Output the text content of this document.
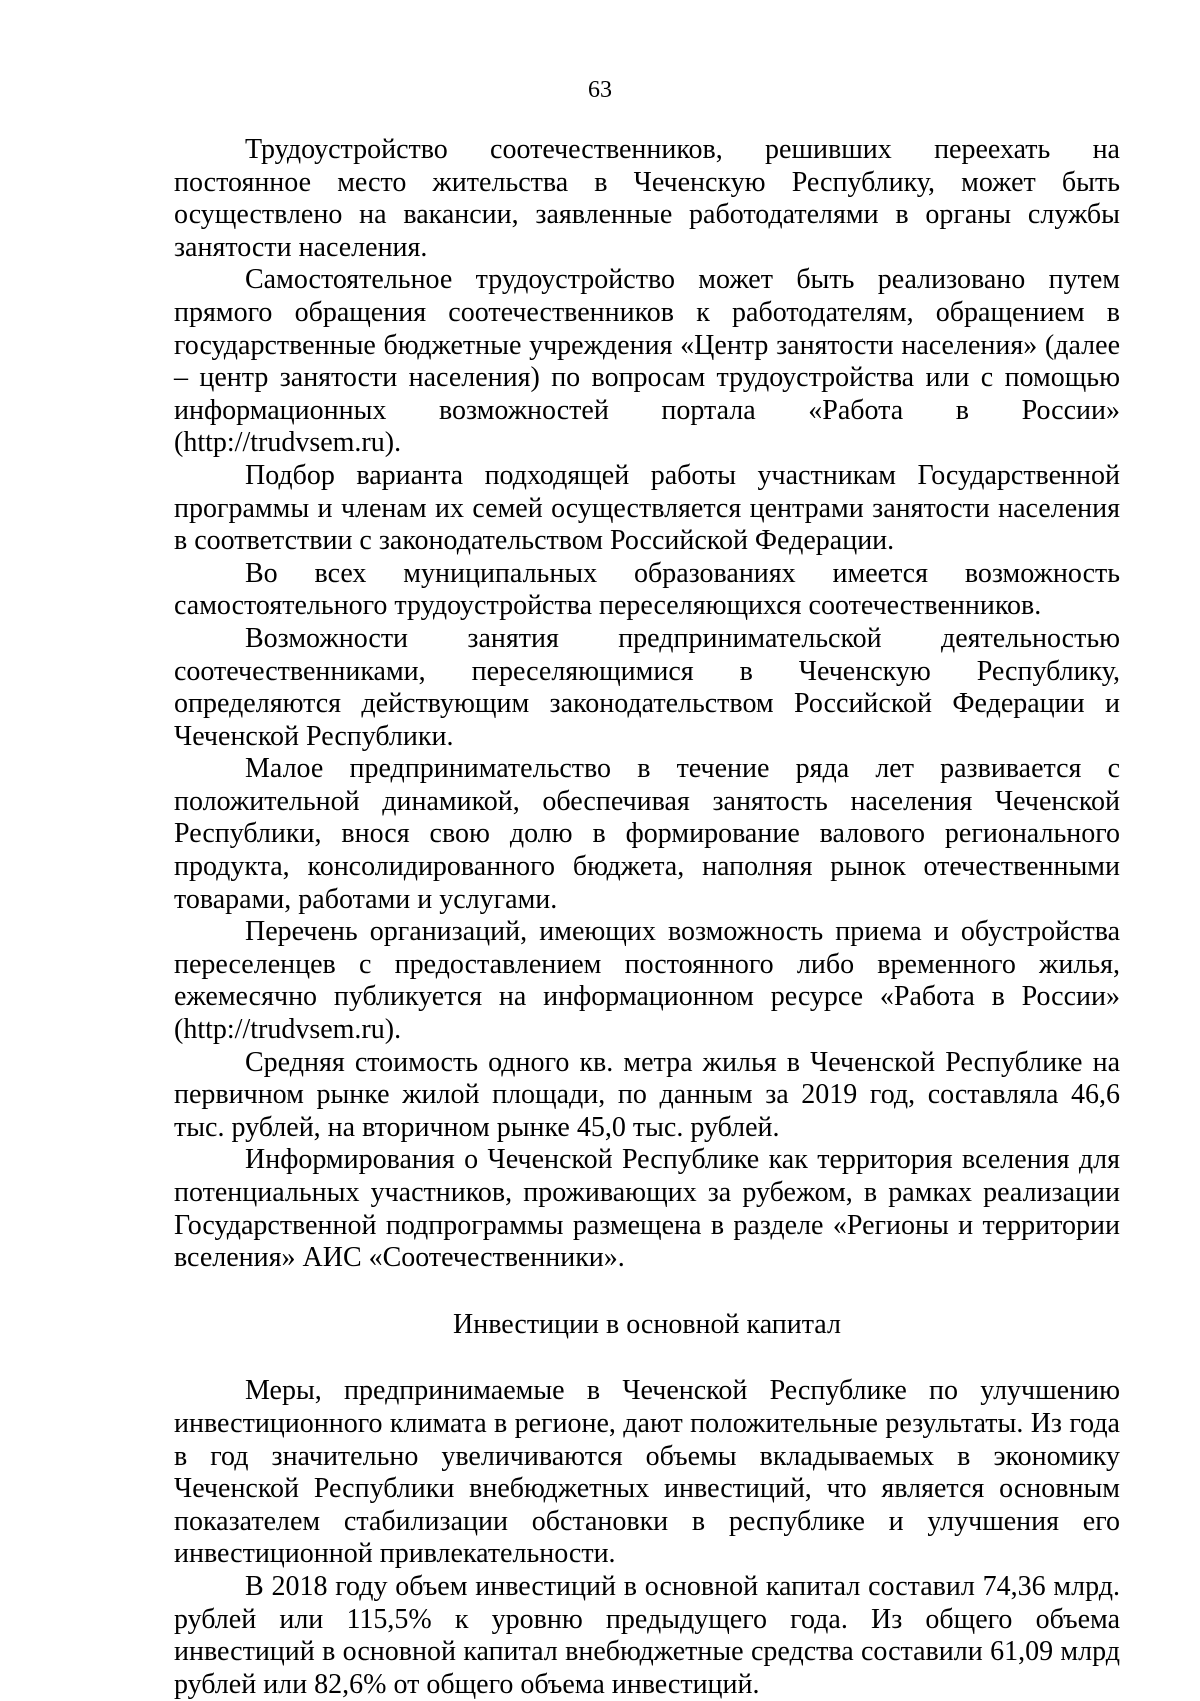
63

Трудоустройство соотечественников, решивших переехать на постоянное место жительства в Чеченскую Республику, может быть осуществлено на вакансии, заявленные работодателями в органы службы занятости населения.

Самостоятельное трудоустройство может быть реализовано путем прямого обращения соотечественников к работодателям, обращением в государственные бюджетные учреждения «Центр занятости населения» (далее – центр занятости населения) по вопросам трудоустройства или с помощью информационных возможностей портала «Работа в России» (http://trudvsem.ru).

Подбор варианта подходящей работы участникам Государственной программы и членам их семей осуществляется центрами занятости населения в соответствии с законодательством Российской Федерации.

Во всех муниципальных образованиях имеется возможность самостоятельного трудоустройства переселяющихся соотечественников.

Возможности занятия предпринимательской деятельностью соотечественниками, переселяющимися в Чеченскую Республику, определяются действующим законодательством Российской Федерации и Чеченской Республики.

Малое предпринимательство в течение ряда лет развивается с положительной динамикой, обеспечивая занятость населения Чеченской Республики, внося свою долю в формирование валового регионального продукта, консолидированного бюджета, наполняя рынок отечественными товарами, работами и услугами.

Перечень организаций, имеющих возможность приема и обустройства переселенцев с предоставлением постоянного либо временного жилья, ежемесячно публикуется на информационном ресурсе «Работа в России» (http://trudvsem.ru).

Средняя стоимость одного кв. метра жилья в Чеченской Республике на первичном рынке жилой площади, по данным за 2019 год, составляла 46,6 тыс. рублей, на вторичном рынке 45,0 тыс. рублей.

Информирования о Чеченской Республике как территория вселения для потенциальных участников, проживающих за рубежом, в рамках реализации Государственной подпрограммы размещена в разделе «Регионы и территории вселения» АИС «Соотечественники».

Инвестиции в основной капитал

Меры, предпринимаемые в Чеченской Республике по улучшению инвестиционного климата в регионе, дают положительные результаты. Из года в год значительно увеличиваются объемы вкладываемых в экономику Чеченской Республики внебюджетных инвестиций, что является основным показателем стабилизации обстановки в республике и улучшения его инвестиционной привлекательности.

В 2018 году объем инвестиций в основной капитал составил 74,36 млрд. рублей или 115,5% к уровню предыдущего года. Из общего объема инвестиций в основной капитал внебюджетные средства составили 61,09 млрд рублей или 82,6% от общего объема инвестиций.
